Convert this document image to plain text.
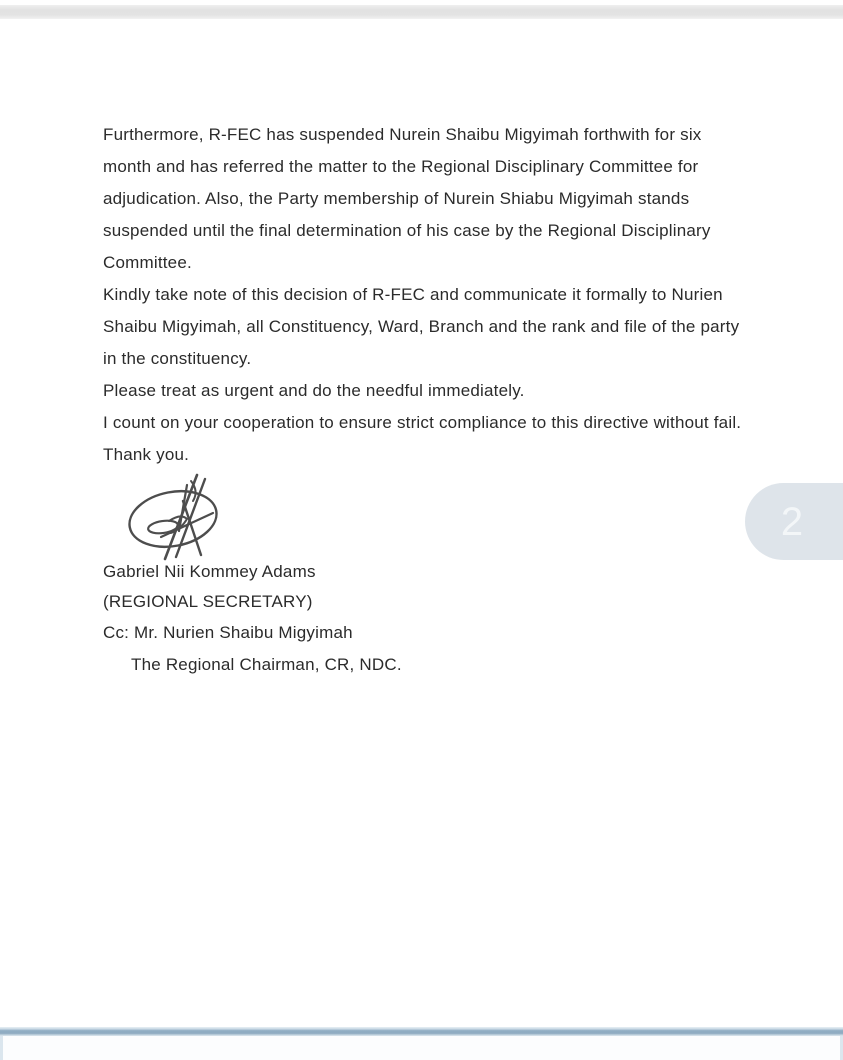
Furthermore, R-FEC has suspended Nurein Shaibu Migyimah forthwith for six month and has referred the matter to the Regional Disciplinary Committee for adjudication. Also, the Party membership of Nurein Shiabu Migyimah stands suspended until the final determination of his case by the Regional Disciplinary Committee.

Kindly take note of this decision of R-FEC and communicate it formally to Nurien Shaibu Migyimah, all Constituency, Ward, Branch and the rank and file of the party in the constituency.

Please treat as urgent and do the needful immediately.

I count on your cooperation to ensure strict compliance to this directive without fail.

Thank you.

Gabriel Nii Kommey Adams

(REGIONAL SECRETARY)

Cc: Mr. Nurien Shaibu Migyimah

The Regional Chairman, CR, NDC.

2
